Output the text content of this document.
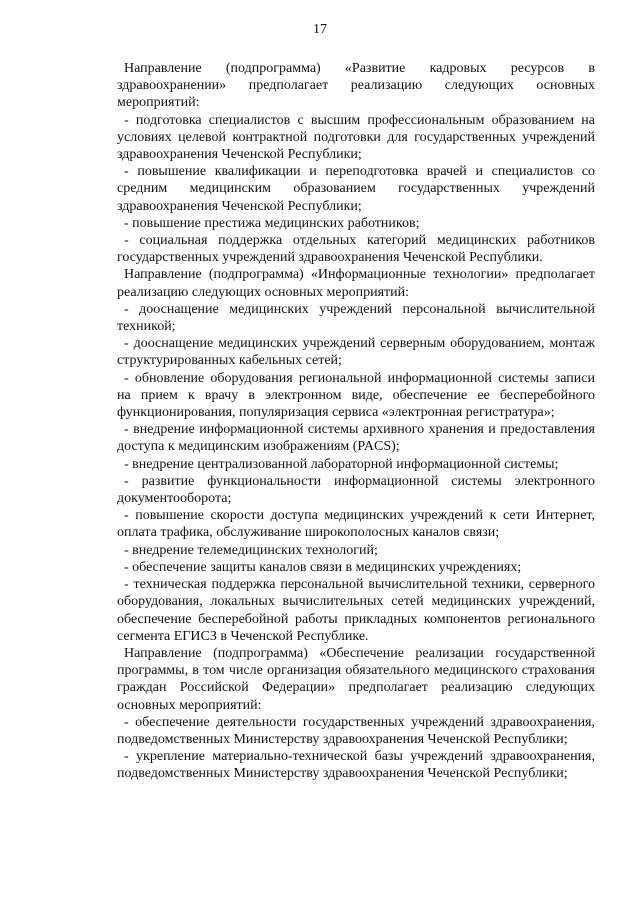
17

Направление (подпрограмма) «Развитие кадровых ресурсов в здравоохранении» предполагает реализацию следующих основных мероприятий:

- подготовка специалистов с высшим профессиональным образованием на условиях целевой контрактной подготовки для государственных учреждений здравоохранения Чеченской Республики;

- повышение квалификации и переподготовка врачей и специалистов со средним медицинским образованием государственных учреждений здравоохранения Чеченской Республики;

- повышение престижа медицинских работников;

- социальная поддержка отдельных категорий медицинских работников государственных учреждений здравоохранения Чеченской Республики.

Направление (подпрограмма) «Информационные технологии» предполагает реализацию следующих основных мероприятий:

- дооснащение медицинских учреждений персональной вычислительной техникой;

- дооснащение медицинских учреждений серверным оборудованием, монтаж структурированных кабельных сетей;

- обновление оборудования региональной информационной системы записи на прием к врачу в электронном виде, обеспечение ее бесперебойного функционирования, популяризация сервиса «электронная регистратура»;

- внедрение информационной системы архивного хранения и предоставления доступа к медицинским изображениям (PACS);

- внедрение централизованной лабораторной информационной системы;

- развитие функциональности информационной системы электронного документооборота;

- повышение скорости доступа медицинских учреждений к сети Интернет, оплата трафика, обслуживание широкополосных каналов связи;

- внедрение телемедицинских технологий;

- обеспечение защиты каналов связи в медицинских учреждениях;

- техническая поддержка персональной вычислительной техники, серверного оборудования, локальных вычислительных сетей медицинских учреждений, обеспечение бесперебойной работы прикладных компонентов регионального сегмента ЕГИСЗ в Чеченской Республике.

Направление (подпрограмма) «Обеспечение реализации государственной программы, в том числе организация обязательного медицинского страхования граждан Российской Федерации» предполагает реализацию следующих основных мероприятий:

- обеспечение деятельности государственных учреждений здравоохранения, подведомственных Министерству здравоохранения Чеченской Республики;

- укрепление материально-технической базы учреждений здравоохранения, подведомственных Министерству здравоохранения Чеченской Республики;
